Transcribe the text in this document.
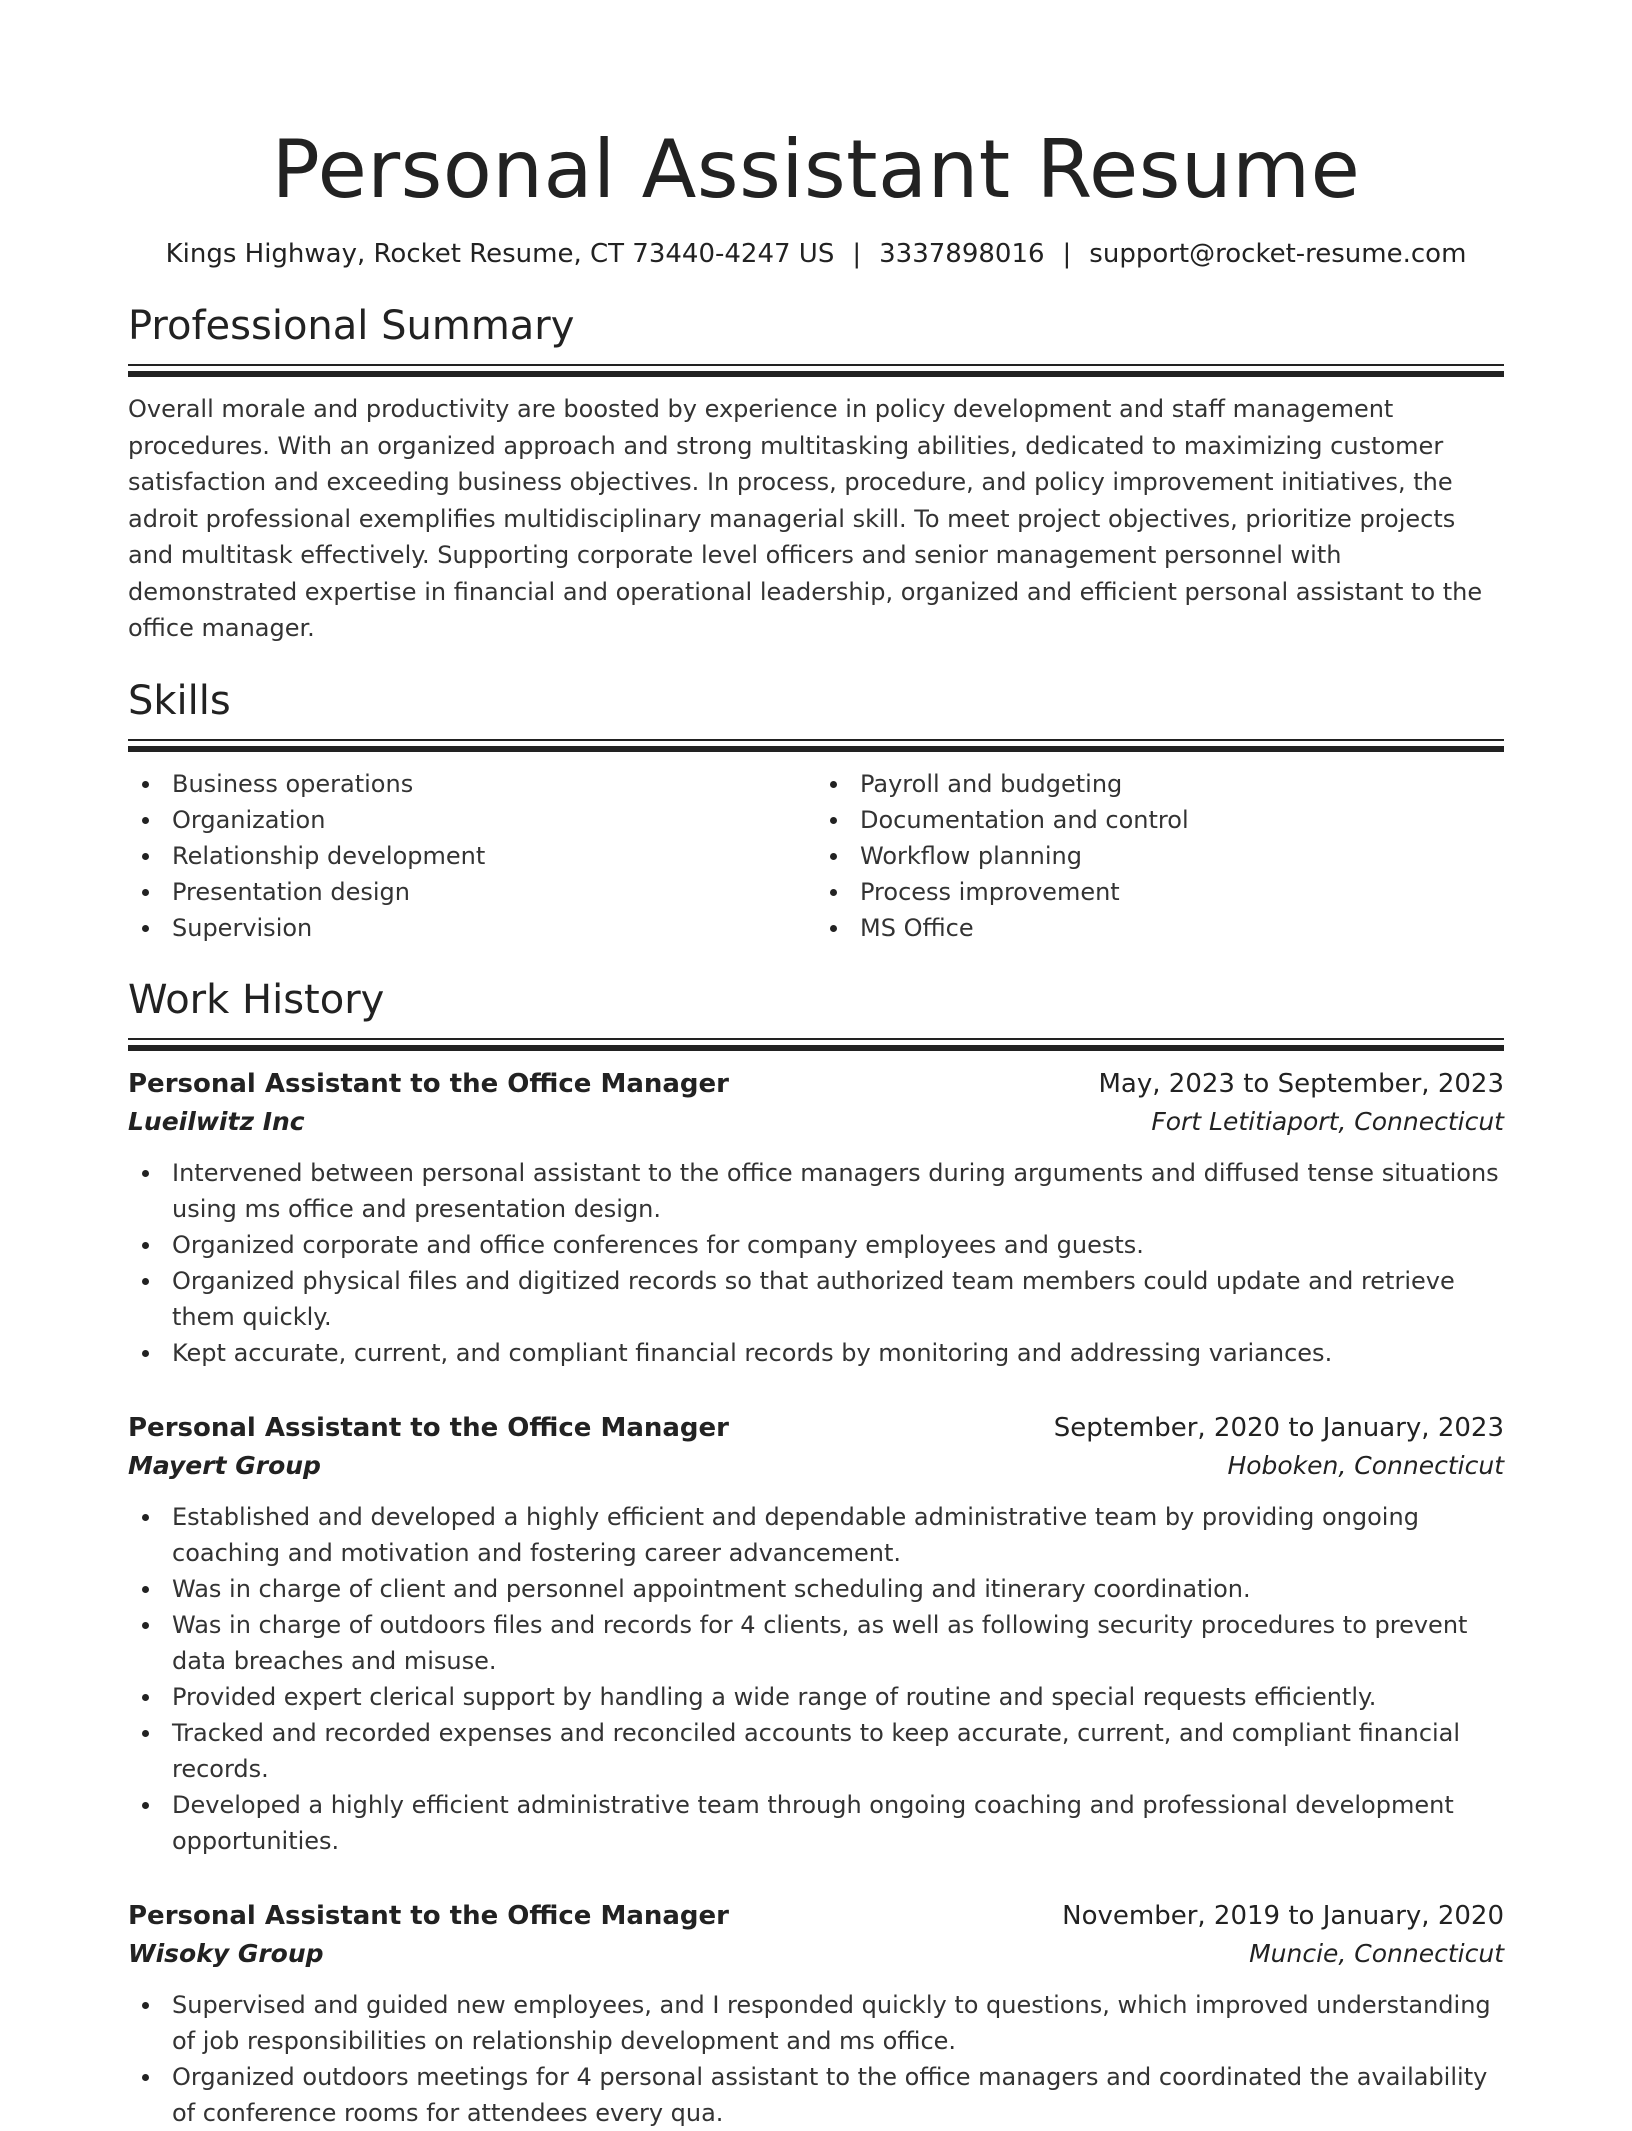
Personal Assistant Resume
Kings Highway, Rocket Resume, CT 73440-4247 US | 3337898016 | support@rocket-resume.com
Professional Summary

Overall morale and productivity are boosted by experience in policy development and staff management procedures. With an organized approach and strong multitasking abilities, dedicated to maximizing customer satisfaction and exceeding business objectives. In process, procedure, and policy improvement initiatives, the adroit professional exemplifies multidisciplinary managerial skill. To meet project objectives, prioritize projects and multitask effectively. Supporting corporate level officers and senior management personnel with demonstrated expertise in financial and operational leadership, organized and efficient personal assistant to the office manager.

Skills
Business operations
Organization
Relationship development
Presentation design
Supervision
Payroll and budgeting
Documentation and control
Workflow planning
Process improvement
MS Office
Work History
Personal Assistant to the Office Manager	May, 2023 to September, 2023
Lueilwitz Inc	Fort Letitiaport, Connecticut
Intervened between personal assistant to the office managers during arguments and diffused tense situations using ms office and presentation design.
Organized corporate and office conferences for company employees and guests.
Organized physical files and digitized records so that authorized team members could update and retrieve them quickly.
Kept accurate, current, and compliant financial records by monitoring and addressing variances.
Personal Assistant to the Office Manager	September, 2020 to January, 2023
Mayert Group	Hoboken, Connecticut
Established and developed a highly efficient and dependable administrative team by providing ongoing coaching and motivation and fostering career advancement.
Was in charge of client and personnel appointment scheduling and itinerary coordination.
Was in charge of outdoors files and records for 4 clients, as well as following security procedures to prevent data breaches and misuse.
Provided expert clerical support by handling a wide range of routine and special requests efficiently.
Tracked and recorded expenses and reconciled accounts to keep accurate, current, and compliant financial records.
Developed a highly efficient administrative team through ongoing coaching and professional development opportunities.
Personal Assistant to the Office Manager	November, 2019 to January, 2020
Wisoky Group	Muncie, Connecticut
Supervised and guided new employees, and I responded quickly to questions, which improved understanding of job responsibilities on relationship development and ms office.
Organized outdoors meetings for 4 personal assistant to the office managers and coordinated the availability of conference rooms for attendees every qua.
